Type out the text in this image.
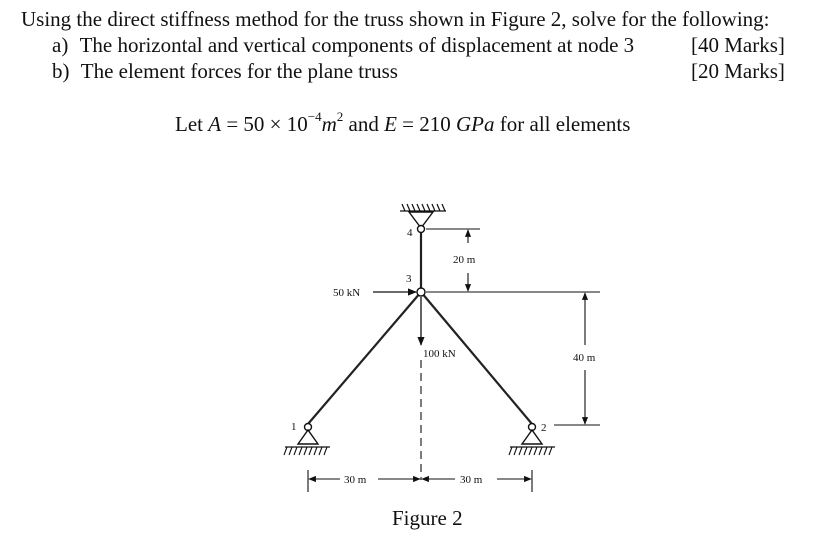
Using the direct stiffness method for the truss shown in Figure 2, solve for the following:
a) The horizontal and vertical components of displacement at node 3	[40 Marks]
b) The element forces for the plane truss	[20 Marks]
Let $A = 50 \times 10^{-4}m^2$ and E = 210 GPa for all elements
4
3
1	2
50 kN
100 kN
20 m
40 m
30 m	30 m
Figure 2
